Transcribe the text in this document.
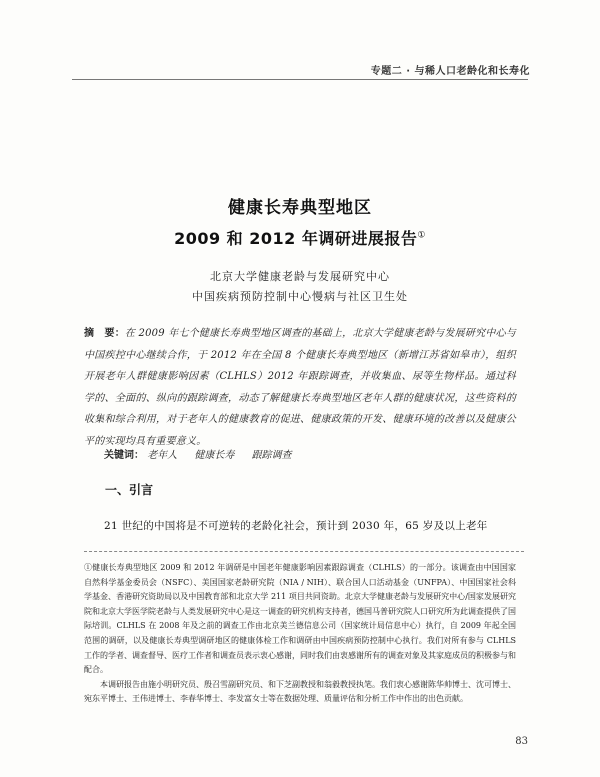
专题二 · 与稀人口老龄化和长寿化
健康长寿典型地区
2009 和 2012 年调研进展报告①
北京大学健康老龄与发展研究中心
中国疾病预防控制中心慢病与社区卫生处
摘　要：在 2009 年七个健康长寿典型地区调查的基础上，北京大学健康老龄与发展研究中心与中国疾控中心继续合作，于 2012 年在全国 8 个健康长寿典型地区（新增江苏省如皋市），组织开展老年人群健康影响因素（CLHLS）2012 年跟踪调查，并收集血、尿等生物样品。通过科学的、全面的、纵向的跟踪调查，动态了解健康长寿典型地区老年人群的健康状况，这些资料的收集和综合利用，对于老年人的健康教育的促进、健康政策的开发、健康环境的改善以及健康公平的实现均具有重要意义。
关键词： 老年人 健康长寿 跟踪调查
一、引言
21 世纪的中国将是不可逆转的老龄化社会，预计到 2030 年，65 岁及以上老年

①健康长寿典型地区 2009 和 2012 年调研是中国老年健康影响因素跟踪调查（CLHLS）的一部分。该调查由中国国家自然科学基金委员会（NSFC）、美国国家老龄研究院（NIA / NIH）、联合国人口活动基金（UNFPA）、中国国家社会科学基金、香港研究资助局以及中国教育部和北京大学 211 项目共同资助。北京大学健康老龄与发展研究中心/国家发展研究院和北京大学医学院老龄与人类发展研究中心是这一调查的研究机构支持者，德国马普研究院人口研究所为此调查提供了国际培训。CLHLS 在 2008 年及之前的调查工作由北京美兰德信息公司（国家统计局信息中心）执行，自 2009 年起全国范围的调研，以及健康长寿典型调研地区的健康体检工作和调研由中国疾病预防控制中心执行。我们对所有参与 CLHLS 工作的学者、调查督导、医疗工作者和调查员表示衷心感谢，同时我们由衷感谢所有的调查对象及其家庭成员的积极参与和配合。

本调研报告由施小明研究员、殷召雪副研究员、和下芝副教授和翁毅教授执笔。我们衷心感谢陈华帅博士、沈可博士、宛东平博士、王伟进博士、李春华博士、李发富女士等在数据处理、质量评估和分析工作中作出的出色贡献。

83
